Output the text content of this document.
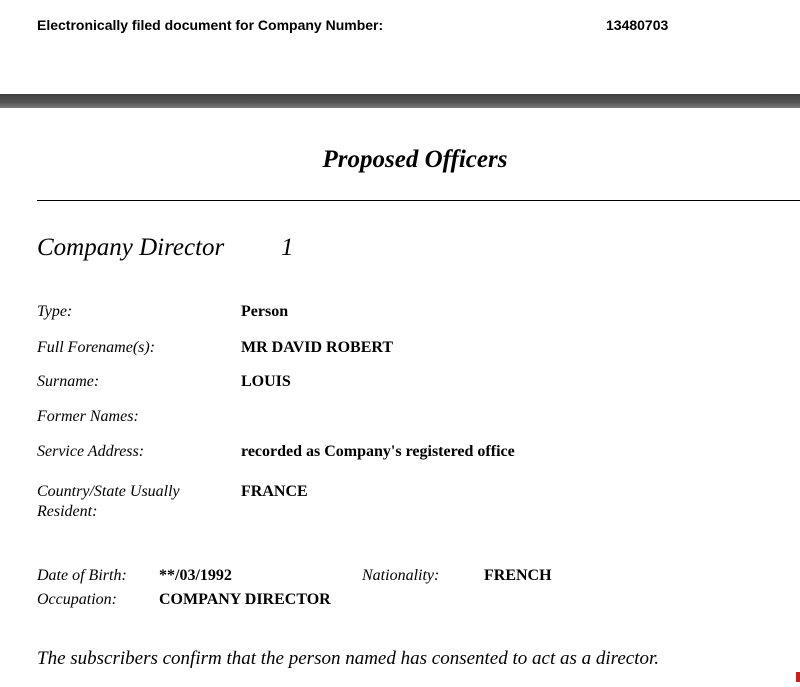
Electronically filed document for Company Number:	13480703
Proposed Officers
Company Director 1
Type:	Person
Full Forename(s):	MR DAVID ROBERT
Surname:	LOUIS
Former Names:
Service Address:	recorded as Company's registered office
Country/State Usually
Resident:
FRANCE
Date of Birth: **/03/1992	Nationality:	FRENCH
Occupation:	COMPANY DIRECTOR
The subscribers confirm that the person named has consented to act as a director.
